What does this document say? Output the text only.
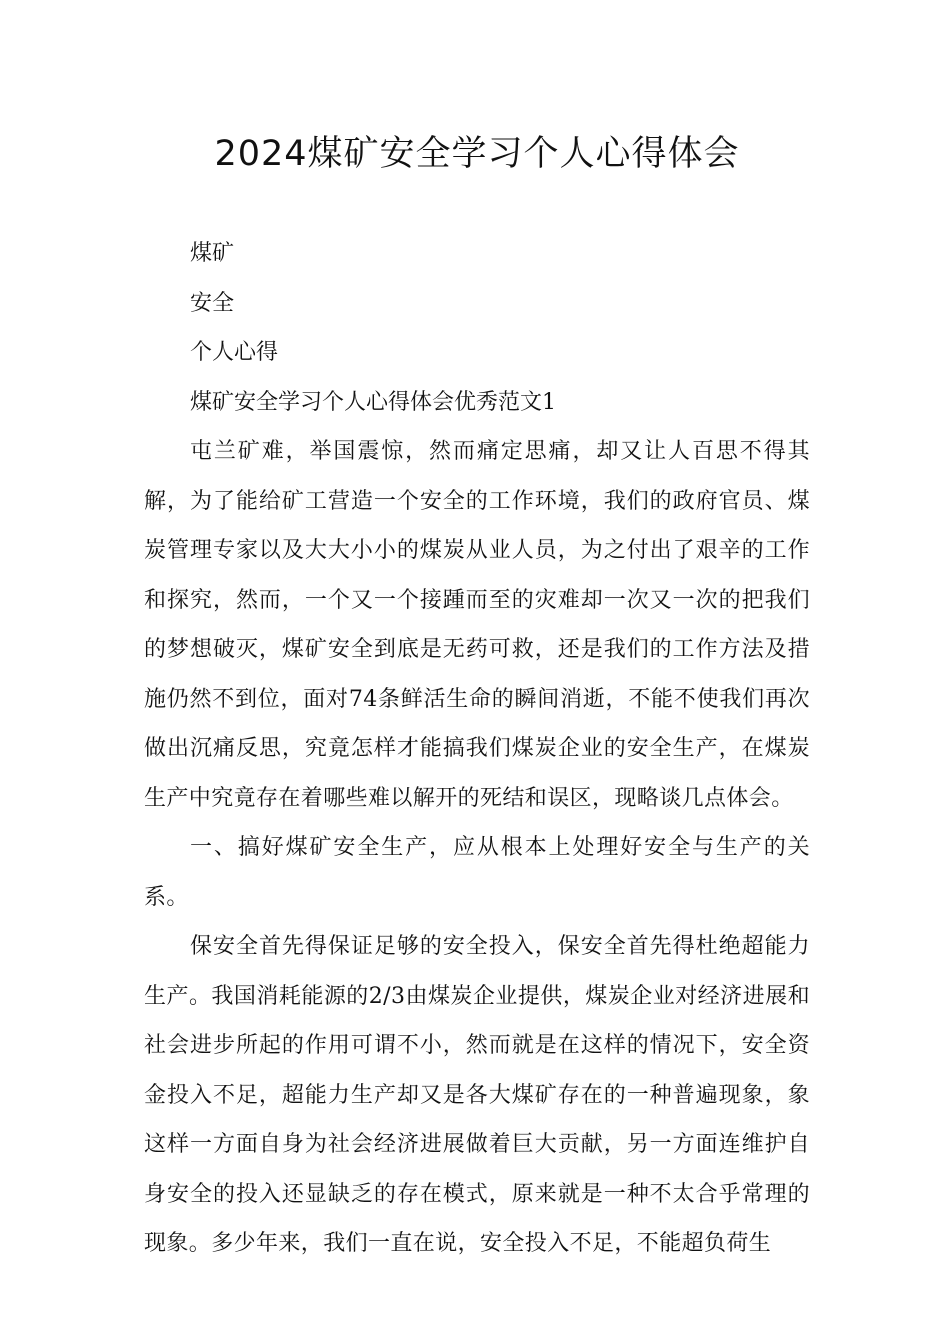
2024煤矿安全学习个人心得体会

煤矿

安全

个人心得

煤矿安全学习个人心得体会优秀范文1

屯兰矿难，举国震惊，然而痛定思痛，却又让人百思不得其解，为了能给矿工营造一个安全的工作环境，我们的政府官员、煤炭管理专家以及大大小小的煤炭从业人员，为之付出了艰辛的工作和探究，然而，一个又一个接踵而至的灾难却一次又一次的把我们的梦想破灭，煤矿安全到底是无药可救，还是我们的工作方法及措施仍然不到位，面对74条鲜活生命的瞬间消逝，不能不使我们再次做出沉痛反思，究竟怎样才能搞我们煤炭企业的安全生产，在煤炭生产中究竟存在着哪些难以解开的死结和误区，现略谈几点体会。

一、搞好煤矿安全生产，应从根本上处理好安全与生产的关系。

保安全首先得保证足够的安全投入，保安全首先得杜绝超能力生产。我国消耗能源的2/3由煤炭企业提供，煤炭企业对经济进展和社会进步所起的作用可谓不小，然而就是在这样的情况下，安全资金投入不足，超能力生产却又是各大煤矿存在的一种普遍现象，象这样一方面自身为社会经济进展做着巨大贡献，另一方面连维护自身安全的投入还显缺乏的存在模式，原来就是一种不太合乎常理的现象。多少年来，我们一直在说，安全投入不足，不能超负荷生
